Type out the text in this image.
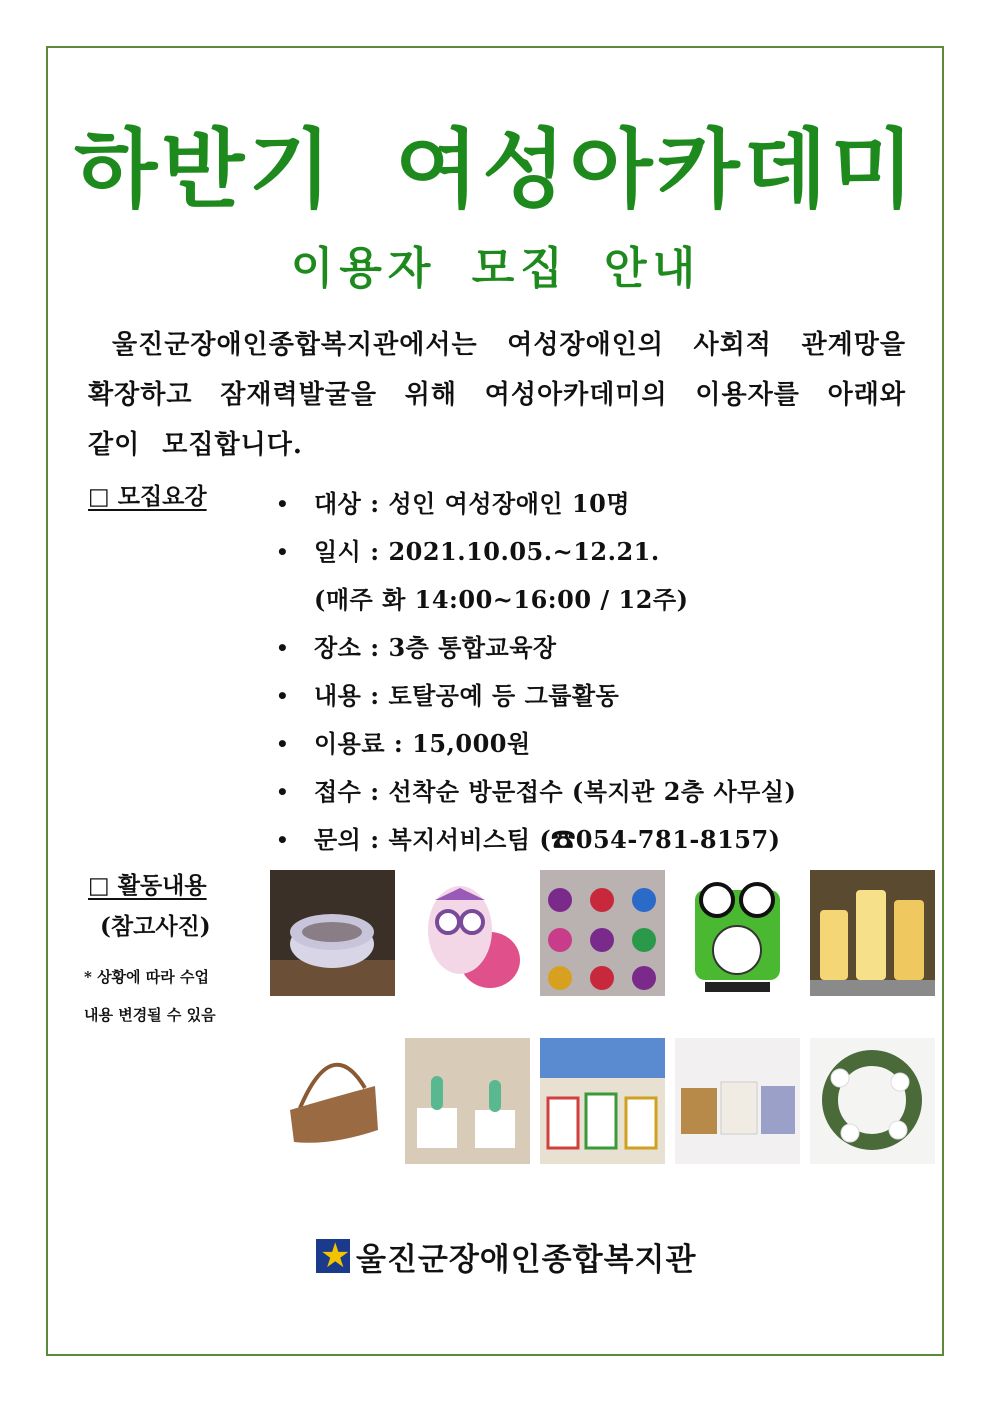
하반기 여성아카데미
이용자 모집 안내
울진군장애인종합복지관에서는 여성장애인의 사회적 관계망을 확장하고 잠재력발굴을 위해 여성아카데미의 이용자를 아래와 같이 모집합니다.
□ 모집요강	• 대상 : 성인 여성장애인 10명
• 일시 : 2021.10.05.~12.21.
(매주 화 14:00~16:00 / 12주)
• 장소 : 3층 통합교육장
• 내용 : 토탈공예 등 그룹활동
• 이용료 : 15,000원
• 접수 : 선착순 방문접수 (복지관 2층 사무실)
• 문의 : 복지서비스팀 (☎054-781-8157)
□ 활동내용
(참고사진)
* 상황에 따라 수업
내용 변경될 수 있음
★ 울진군장애인종합복지관
